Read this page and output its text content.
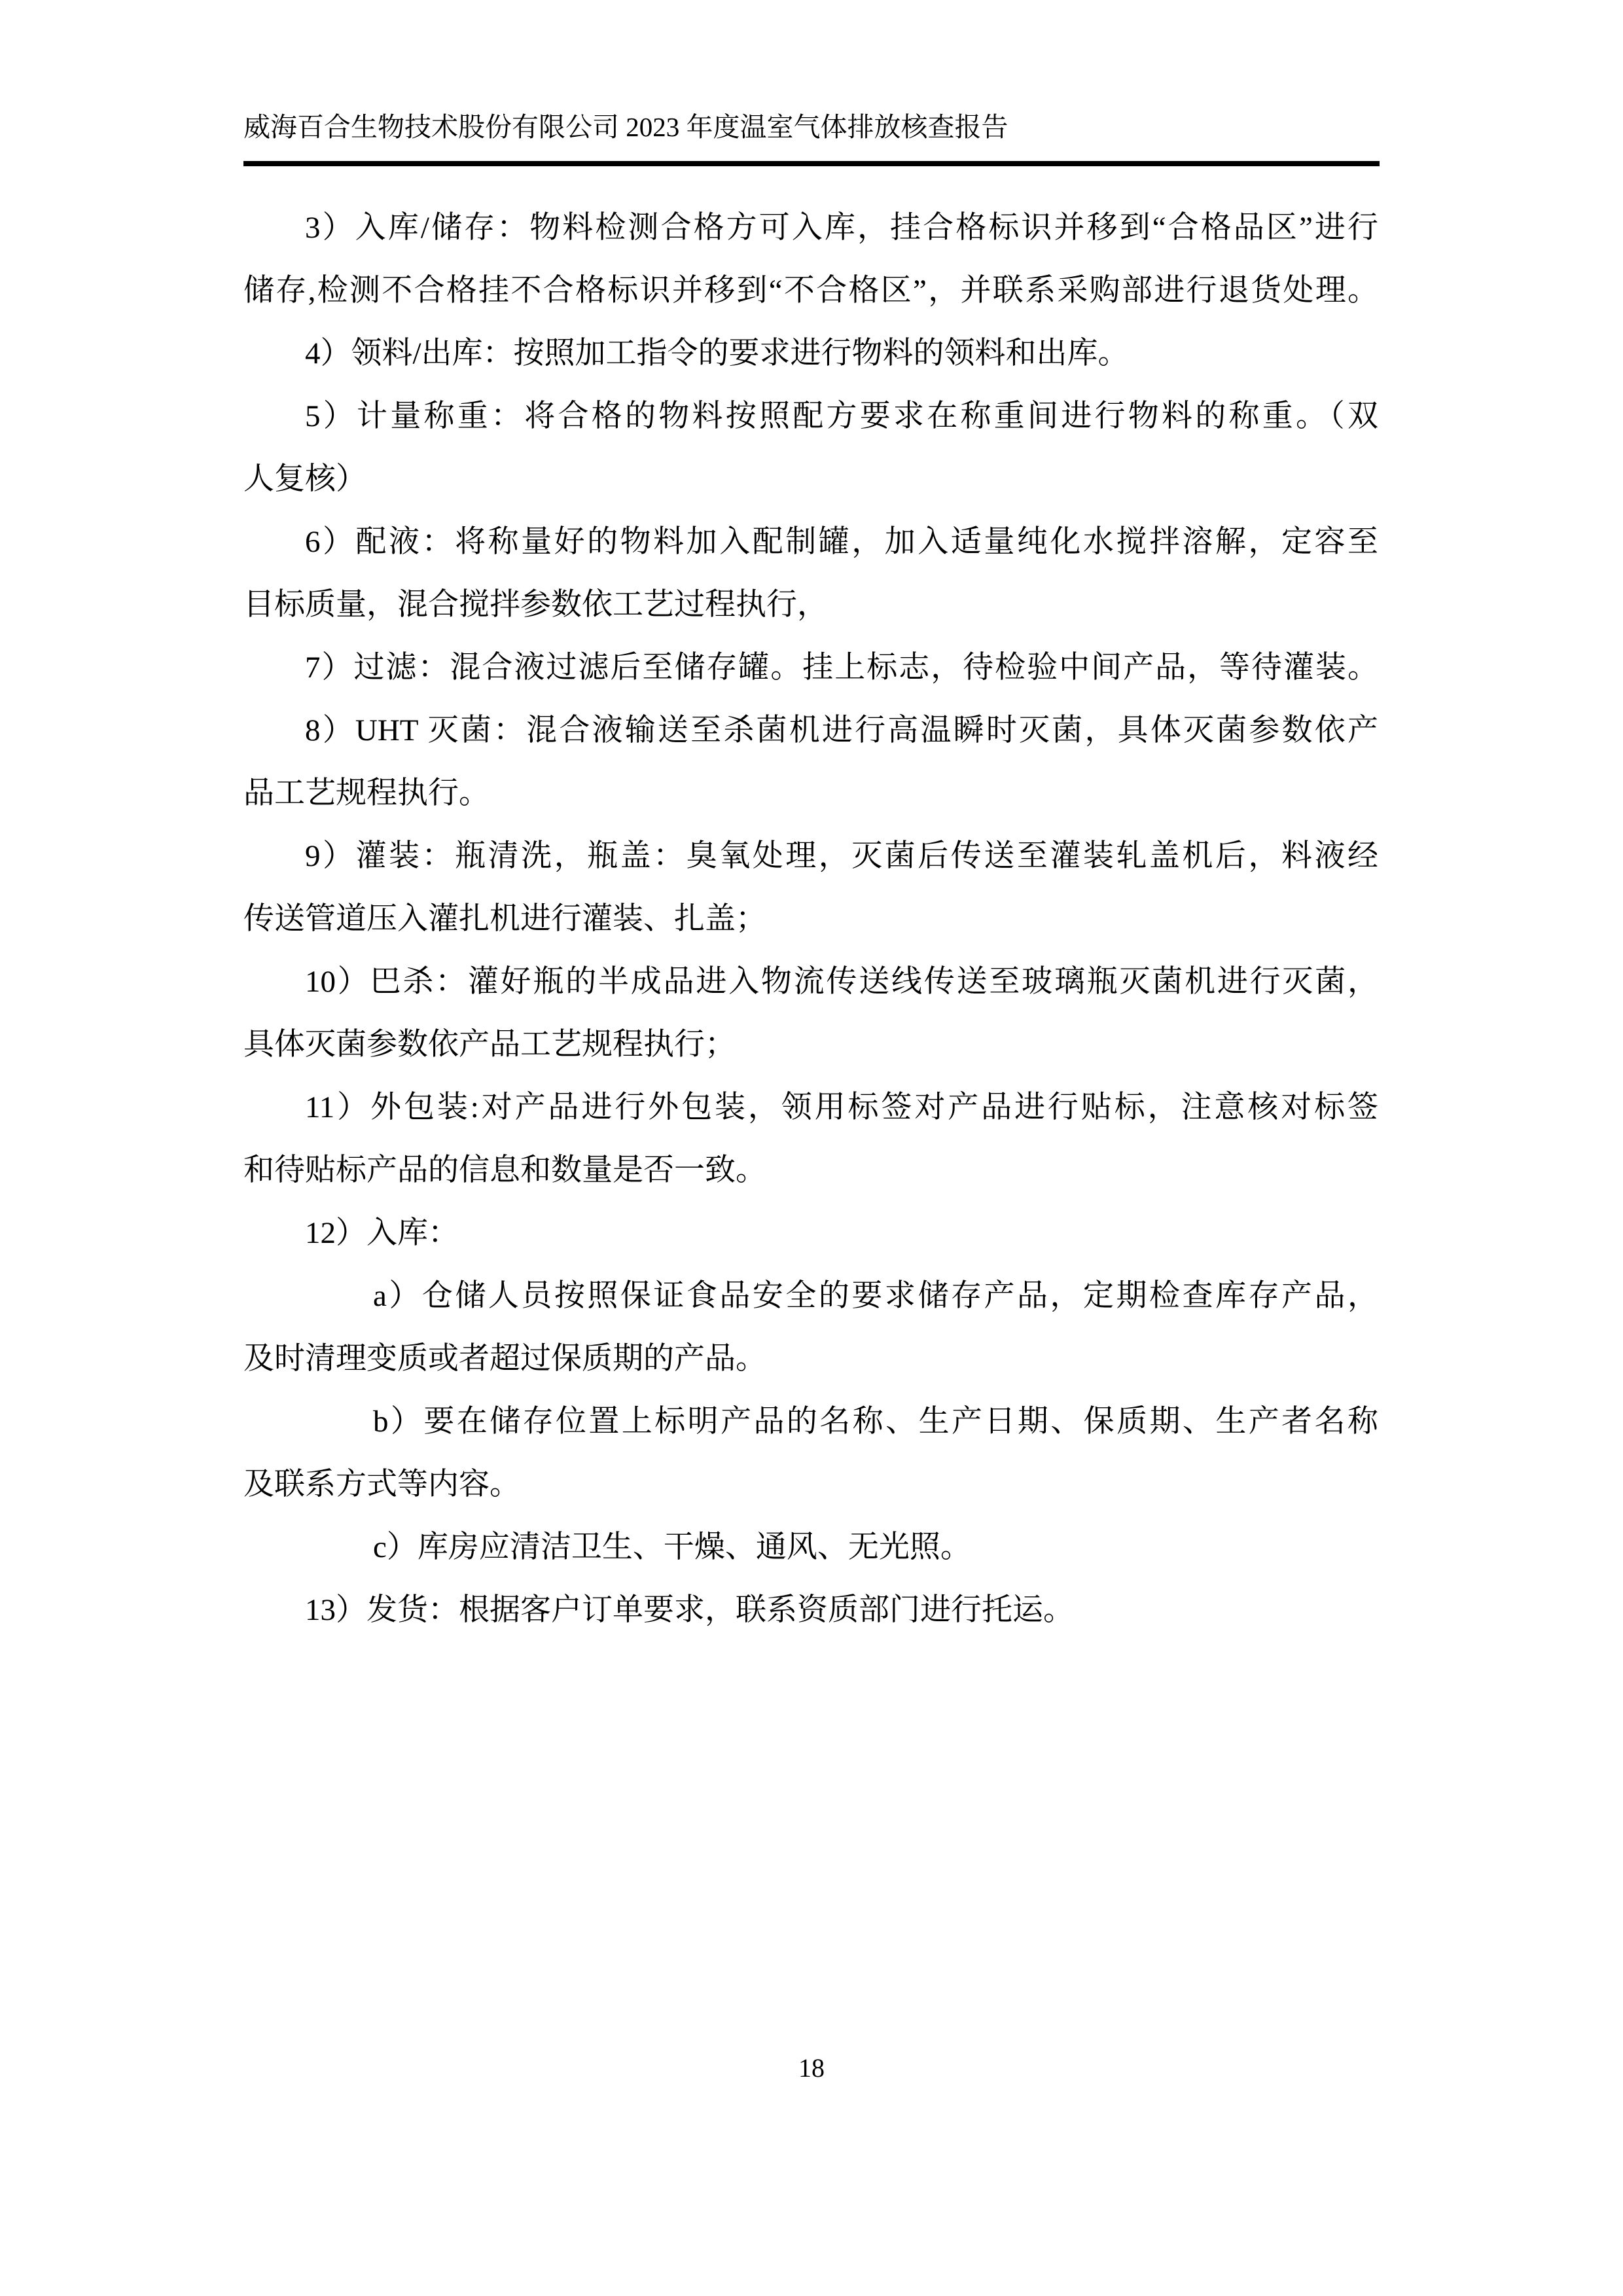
威海百合生物技术股份有限公司 2023 年度温室气体排放核查报告
3）入库/储存：物料检测合格方可入库，挂合格标识并移到“合格品区”进行
储存,检测不合格挂不合格标识并移到“不合格区”，并联系采购部进行退货处理。
4）领料/出库：按照加工指令的要求进行物料的领料和出库。
5）计量称重：将合格的物料按照配方要求在称重间进行物料的称重。（双
人复核）
6）配液：将称量好的物料加入配制罐，加入适量纯化水搅拌溶解，定容至
目标质量，混合搅拌参数依工艺过程执行，
7）过滤：混合液过滤后至储存罐。挂上标志，待检验中间产品，等待灌装。
8）UHT 灭菌：混合液输送至杀菌机进行高温瞬时灭菌，具体灭菌参数依产
品工艺规程执行。
9）灌装：瓶清洗，瓶盖：臭氧处理，灭菌后传送至灌装轧盖机后，料液经
传送管道压入灌扎机进行灌装、扎盖；
10）巴杀：灌好瓶的半成品进入物流传送线传送至玻璃瓶灭菌机进行灭菌，
具体灭菌参数依产品工艺规程执行；
11）外包装:对产品进行外包装，领用标签对产品进行贴标，注意核对标签
和待贴标产品的信息和数量是否一致。
12）入库：
a）仓储人员按照保证食品安全的要求储存产品，定期检查库存产品，
及时清理变质或者超过保质期的产品。
b）要在储存位置上标明产品的名称、生产日期、保质期、生产者名称
及联系方式等内容。
c）库房应清洁卫生、干燥、通风、无光照。
13）发货：根据客户订单要求，联系资质部门进行托运。
18
